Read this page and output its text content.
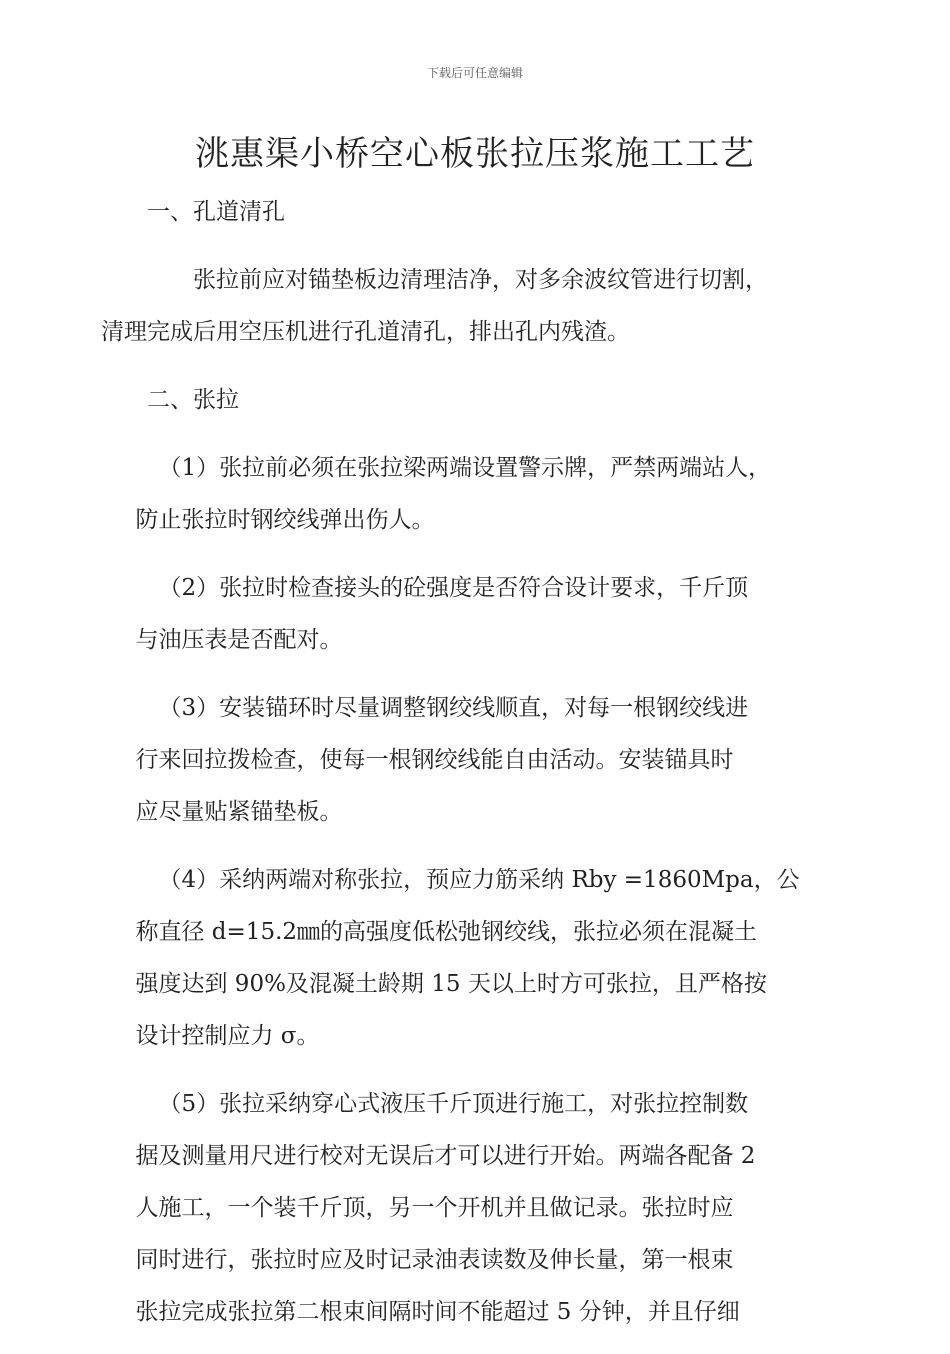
下载后可任意编辑
洮惠渠小桥空心板张拉压浆施工工艺
一、孔道清孔
张拉前应对锚垫板边清理洁净，对多余波纹管进行切割，
清理完成后用空压机进行孔道清孔，排出孔内残渣。
二、张拉
（1）张拉前必须在张拉梁两端设置警示牌，严禁两端站人，
防止张拉时钢绞线弹出伤人。
（2）张拉时检查接头的砼强度是否符合设计要求，千斤顶
与油压表是否配对。
（3）安装锚环时尽量调整钢绞线顺直，对每一根钢绞线进
行来回拉拨检查，使每一根钢绞线能自由活动。安装锚具时
应尽量贴紧锚垫板。
（4）采纳两端对称张拉，预应力筋采纳 Rby =1860Mpa，公
称直径 d=15.2㎜的高强度低松弛钢绞线，张拉必须在混凝土
强度达到 90%及混凝土龄期 15 天以上时方可张拉，且严格按
设计控制应力 σ。
（5）张拉采纳穿心式液压千斤顶进行施工，对张拉控制数
据及测量用尺进行校对无误后才可以进行开始。两端各配备 2
人施工，一个装千斤顶，另一个开机并且做记录。张拉时应
同时进行，张拉时应及时记录油表读数及伸长量，第一根束
张拉完成张拉第二根束间隔时间不能超过 5 分钟，并且仔细
